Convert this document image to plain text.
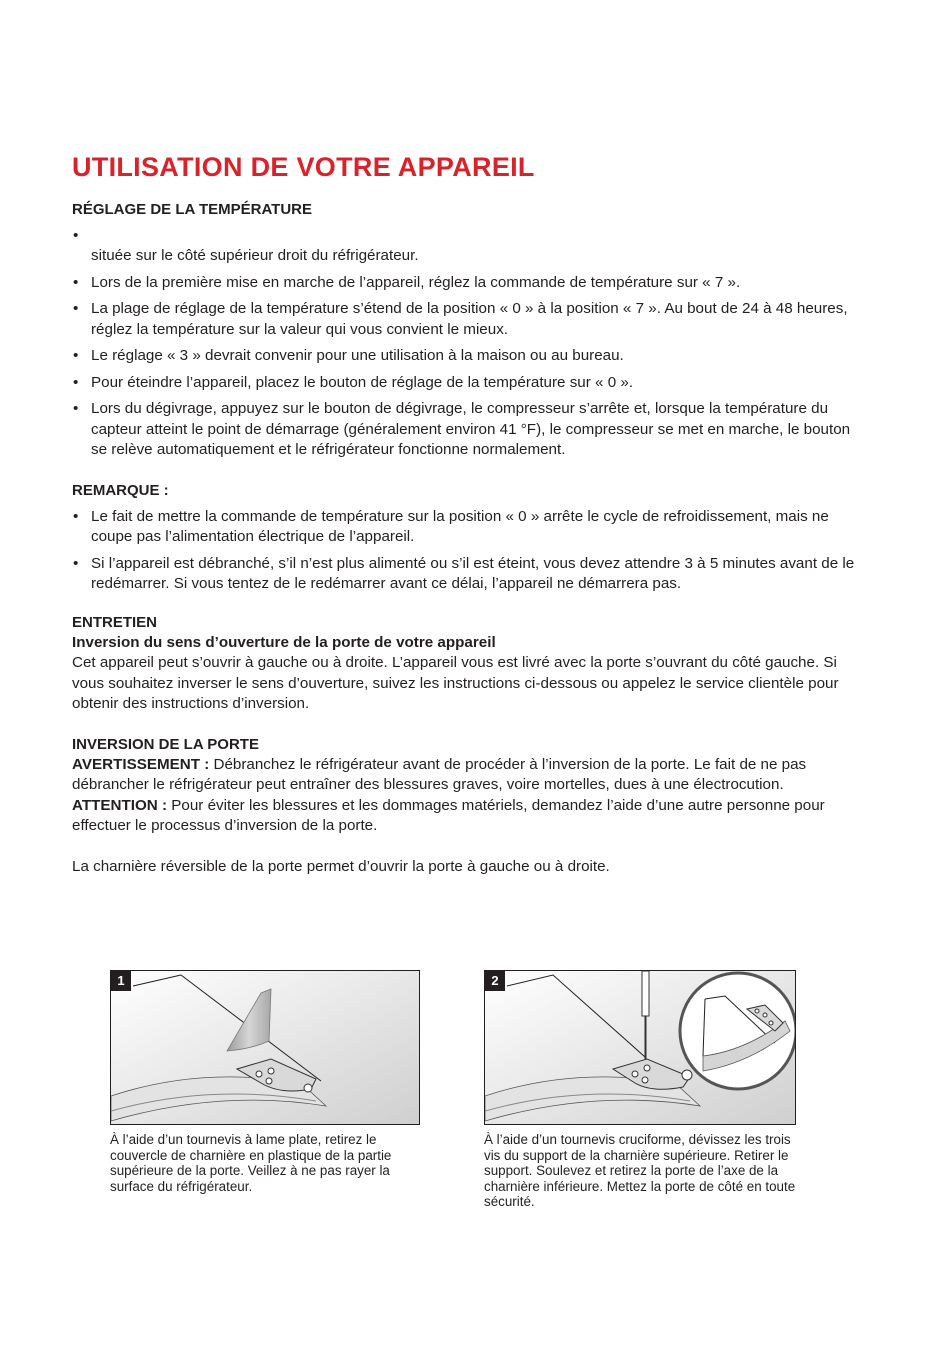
UTILISATION DE VOTRE APPAREIL
RÉGLAGE DE LA TEMPÉRATURE
•
située sur le côté supérieur droit du réfrigérateur.
• Lors de la première mise en marche de l’appareil, réglez la commande de température sur « 7 ».
• La plage de réglage de la température s’étend de la position « 0 » à la position « 7 ». Au bout de 24 à 48 heures, réglez la température sur la valeur qui vous convient le mieux.
• Le réglage « 3 » devrait convenir pour une utilisation à la maison ou au bureau.
• Pour éteindre l’appareil, placez le bouton de réglage de la température sur « 0 ».
• Lors du dégivrage, appuyez sur le bouton de dégivrage, le compresseur s’arrête et, lorsque la température du capteur atteint le point de démarrage (généralement environ 41 °F), le compresseur se met en marche, le bouton se relève automatiquement et le réfrigérateur fonctionne normalement.
REMARQUE :
• Le fait de mettre la commande de température sur la position « 0 » arrête le cycle de refroidissement, mais ne coupe pas l’alimentation électrique de l’appareil.
• Si l’appareil est débranché, s’il n’est plus alimenté ou s’il est éteint, vous devez attendre 3 à 5 minutes avant de le redémarrer. Si vous tentez de le redémarrer avant ce délai, l’appareil ne démarrera pas.
ENTRETIEN

Inversion du sens d’ouverture de la porte de votre appareil

Cet appareil peut s’ouvrir à gauche ou à droite. L’appareil vous est livré avec la porte s’ouvrant du côté gauche. Si vous souhaitez inverser le sens d’ouverture, suivez les instructions ci-dessous ou appelez le service clientèle pour obtenir des instructions d’inversion.

INVERSION DE LA PORTE

AVERTISSEMENT : Débranchez le réfrigérateur avant de procéder à l’inversion de la porte. Le fait de ne pas débrancher le réfrigérateur peut entraîner des blessures graves, voire mortelles, dues à une électrocution.

ATTENTION : Pour éviter les blessures et les dommages matériels, demandez l’aide d’une autre personne pour effectuer le processus d’inversion de la porte.

La charnière réversible de la porte permet d’ouvrir la porte à gauche ou à droite.

1
À l’aide d’un tournevis à lame plate, retirez le couvercle de charnière en plastique de la partie supérieure de la porte. Veillez à ne pas rayer la surface du réfrigérateur.
2
À l’aide d’un tournevis cruciforme, dévissez les trois vis du support de la charnière supérieure. Retirer le support. Soulevez et retirez la porte de l’axe de la charnière inférieure. Mettez la porte de côté en toute sécurité.
